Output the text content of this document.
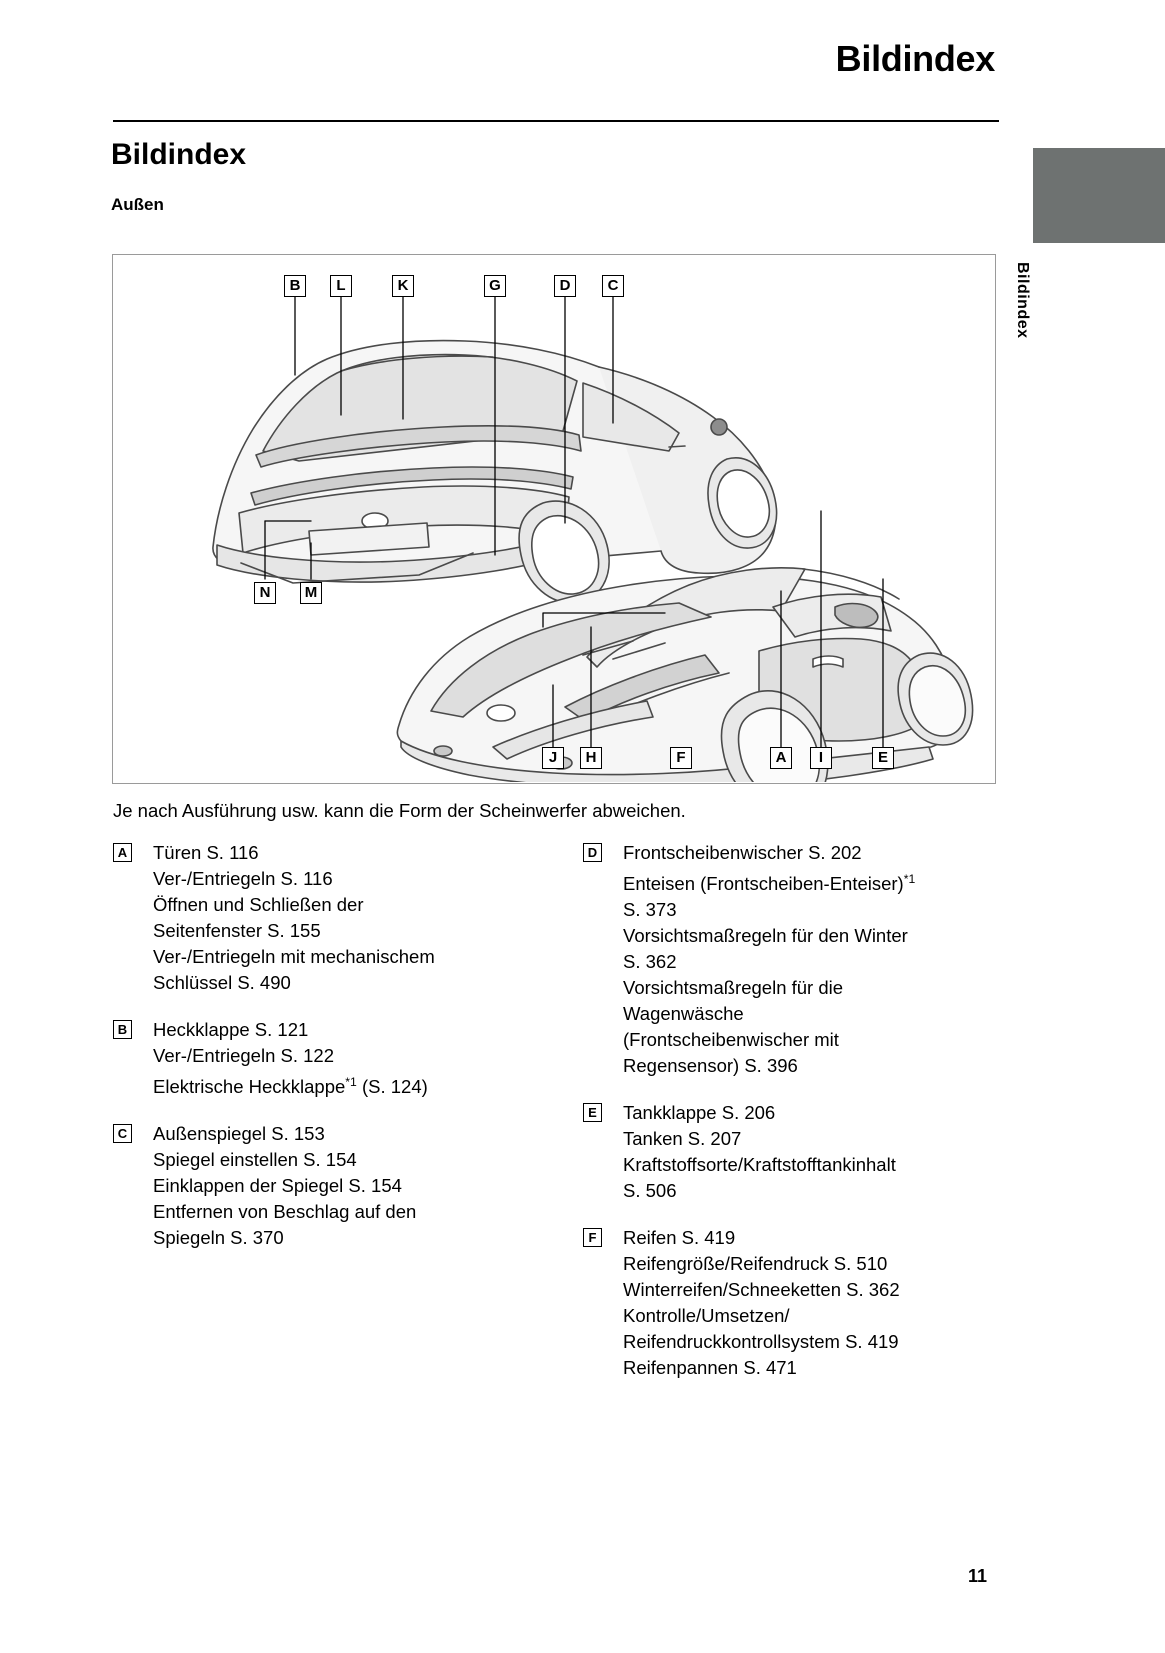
Bildindex
Bildindex
Bildindex
Außen
B	L	K	G	D	C
N	M
J	H	F	A	I	E
Je nach Ausführung usw. kann die Form der Scheinwerfer abweichen.
A Türen S. 116
Ver-/Entriegeln S. 116
Öffnen und Schließen der
Seitenfenster S. 155
Ver-/Entriegeln mit mechanischem
Schlüssel S. 490
B Heckklappe S. 121
Ver-/Entriegeln S. 122
Elektrische Heckklappe$^{*1}$ (S. 124)
C Außenspiegel S. 153
Spiegel einstellen S. 154
Einklappen der Spiegel S. 154
Entfernen von Beschlag auf den
Spiegeln S. 370
D Frontscheibenwischer S. 202
Enteisen (Frontscheiben-Enteiser)$^{*1}$
S. 373
Vorsichtsmaßregeln für den Winter
S. 362
Vorsichtsmaßregeln für die
Wagenwäsche
(Frontscheibenwischer mit
Regensensor) S. 396
E Tankklappe S. 206
Tanken S. 207
Kraftstoffsorte/Kraftstofftankinhalt
S. 506
F Reifen S. 419
Reifengröße/Reifendruck S. 510
Winterreifen/Schneeketten S. 362
Kontrolle/Umsetzen/
Reifendruckkontrollsystem S. 419
Reifenpannen S. 471
11
